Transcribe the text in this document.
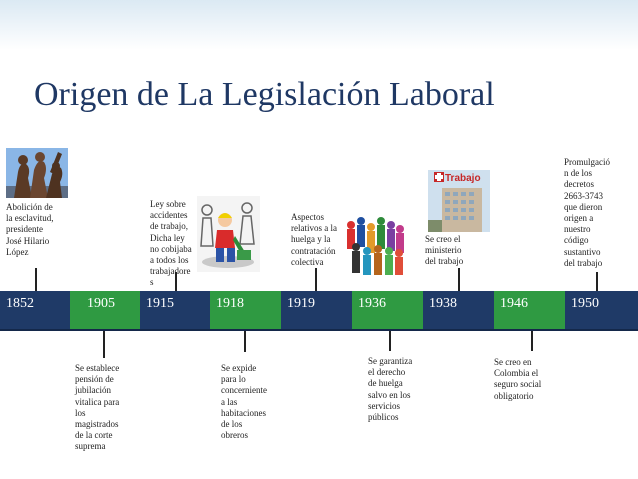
Origen de La Legislación Laboral
Trabajo
Abolición de
la esclavitud,
presidente
José Hilario
López
Se establece
pensión de
jubilación
vitalica para
los
magistrados
de la corte
suprema
Ley sobre
accidentes
de trabajo,
Dicha ley
no cobijaba
a todos los
trabajadore
s
Se expide
para lo
concerniente
a las
habitaciones
de los
obreros
Aspectos
relativos a la
huelga y la
contratación
colectiva
Se garantiza
el derecho
de huelga
salvo en los
servicios
públicos
Se creo el
ministerio
del trabajo
Se creo en
Colombia el
seguro social
obligatorio
Promulgació
n de los
decretos
2663-3743
que dieron
origen a
nuestro
código
sustantivo
del trabajo
1852	1905	1915	1918	1919	1936	1938	1946	1950
